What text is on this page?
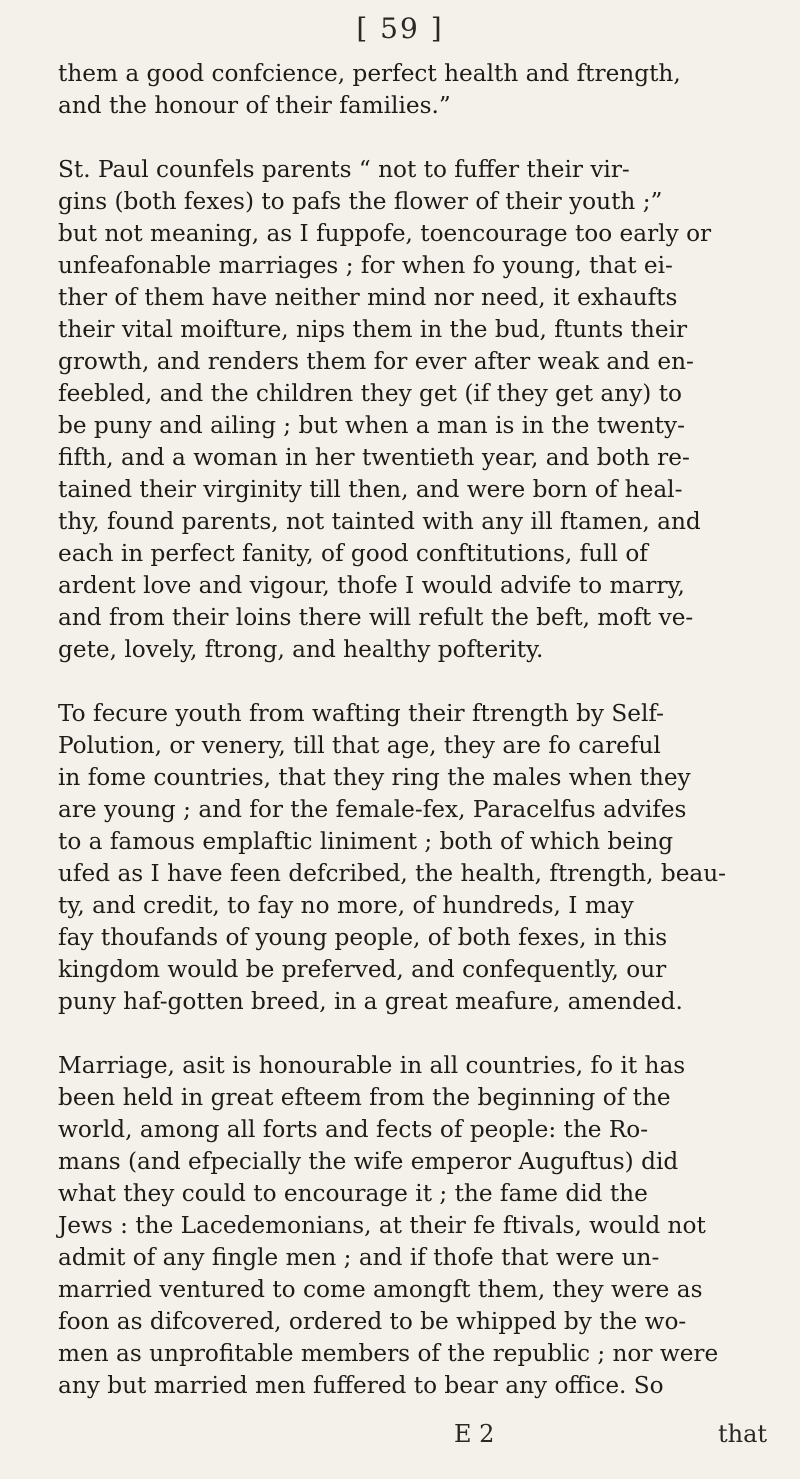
[ 59 ]
them a good confcience, perfect health and ftrength,
and the honour of their families.”
St. Paul counfels parents “ not to fuffer their vir-
gins (both fexes) to pafs the flower of their youth ;”
but not meaning, as I fuppofe, toencourage too early or
unfeafonable marriages ; for when fo young, that ei-
ther of them have neither mind nor need, it exhaufts
their vital moifture, nips them in the bud, ftunts their
growth, and renders them for ever after weak and en-
feebled, and the children they get (if they get any) to
be puny and ailing ; but when a man is in the twenty-
fifth, and a woman in her twentieth year, and both re-
tained their virginity till then, and were born of heal-
thy, found parents, not tainted with any ill ftamen, and
each in perfect fanity, of good conftitutions, full of
ardent love and vigour, thofe I would advife to marry,
and from their loins there will refult the beft, moft ve-
gete, lovely, ftrong, and healthy pofterity.
To fecure youth from wafting their ftrength by Self-
Polution, or venery, till that age, they are fo careful
in fome countries, that they ring the males when they
are young ; and for the female-fex, Paracelfus advifes
to a famous emplaftic liniment ; both of which being
ufed as I have feen defcribed, the health, ftrength, beau-
ty, and credit, to fay no more, of hundreds, I may
fay thoufands of young people, of both fexes, in this
kingdom would be preferved, and confequently, our
puny haf-gotten breed, in a great meafure, amended.
Marriage, asit is honourable in all countries, fo it has
been held in great efteem from the beginning of the
world, among all forts and fects of people: the Ro-
mans (and efpecially the wife emperor Auguftus) did
what they could to encourage it ; the fame did the
Jews : the Lacedemonians, at their fe ftivals, would not
admit of any fingle men ; and if thofe that were un-
married ventured to come amongft them, they were as
foon as difcovered, ordered to be whipped by the wo-
men as unprofitable members of the republic ; nor were
any but married men fuffered to bear any office. So
E 2	that
